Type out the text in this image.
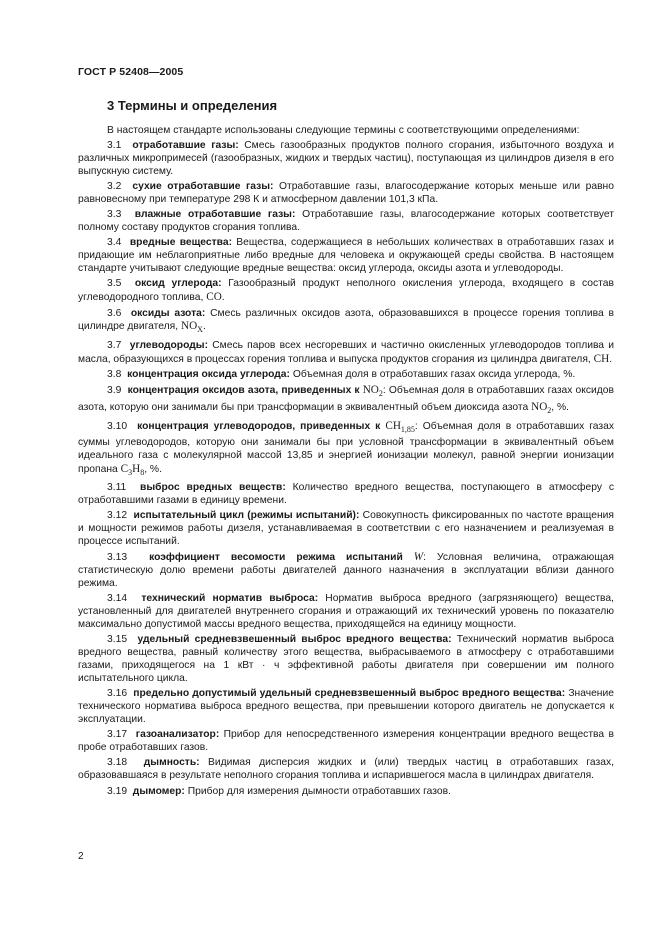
ГОСТ Р 52408—2005
3 Термины и определения

В настоящем стандарте использованы следующие термины с соответствующими определениями:

3.1 отработавшие газы: Смесь газообразных продуктов полного сгорания, избыточного воздуха и различных микропримесей (газообразных, жидких и твердых частиц), поступающая из цилиндров дизеля в его выпускную систему.

3.2 сухие отработавшие газы: Отработавшие газы, влагосодержание которых меньше или равно равновесному при температуре 298 К и атмосферном давлении 101,3 кПа.

3.3 влажные отработавшие газы: Отработавшие газы, влагосодержание которых соответствует полному составу продуктов сгорания топлива.

3.4 вредные вещества: Вещества, содержащиеся в небольших количествах в отработавших газах и придающие им неблагоприятные либо вредные для человека и окружающей среды свойства. В настоящем стандарте учитывают следующие вредные вещества: оксид углерода, оксиды азота и углеводороды.

3.5 оксид углерода: Газообразный продукт неполного окисления углерода, входящего в состав углеводородного топлива, CO.

3.6 оксиды азота: Смесь различных оксидов азота, образовавшихся в процессе горения топлива в цилиндре двигателя, $NO_X$.

3.7 углеводороды: Смесь паров всех несгоревших и частично окисленных углеводородов топлива и масла, образующихся в процессах горения топлива и выпуска продуктов сгорания из цилиндра двигателя, CH.

3.8 концентрация оксида углерода: Объемная доля в отработавших газах оксида углерода, %.

3.9 концентрация оксидов азота, приведенных к $NO_2$: Объемная доля в отработавших газах оксидов азота, которую они занимали бы при трансформации в эквивалентный объем диоксида азота $NO_2$, %.

3.10 концентрация углеводородов, приведенных к $CH_{1,85}$: Объемная доля в отработавших газах суммы углеводородов, которую они занимали бы при условной трансформации в эквивалентный объем идеального газа с молекулярной массой 13,85 и энергией ионизации молекул, равной энергии ионизации пропана $C_3H_8$, %.

3.11 выброс вредных веществ: Количество вредного вещества, поступающего в атмосферу с отработавшими газами в единицу времени.

3.12 испытательный цикл (режимы испытаний): Совокупность фиксированных по частоте вращения и мощности режимов работы дизеля, устанавливаемая в соответствии с его назначением и реализуемая в процессе испытаний.

3.13 коэффициент весомости режима испытаний W: Условная величина, отражающая статистическую долю времени работы двигателей данного назначения в эксплуатации вблизи данного режима.

3.14 технический норматив выброса: Норматив выброса вредного (загрязняющего) вещества, установленный для двигателей внутреннего сгорания и отражающий их технический уровень по показателю максимально допустимой массы вредного вещества, приходящейся на единицу мощности.

3.15 удельный средневзвешенный выброс вредного вещества: Технический норматив выброса вредного вещества, равный количеству этого вещества, выбрасываемого в атмосферу с отработавшими газами, приходящегося на 1 кВт · ч эффективной работы двигателя при совершении им полного испытательного цикла.

3.16 предельно допустимый удельный средневзвешенный выброс вредного вещества: Значение технического норматива выброса вредного вещества, при превышении которого двигатель не допускается к эксплуатации.

3.17 газоанализатор: Прибор для непосредственного измерения концентрации вредного вещества в пробе отработавших газов.

3.18 дымность: Видимая дисперсия жидких и (или) твердых частиц в отработавших газах, образовавшаяся в результате неполного сгорания топлива и испарившегося масла в цилиндрах двигателя.

3.19 дымомер: Прибор для измерения дымности отработавших газов.

2
